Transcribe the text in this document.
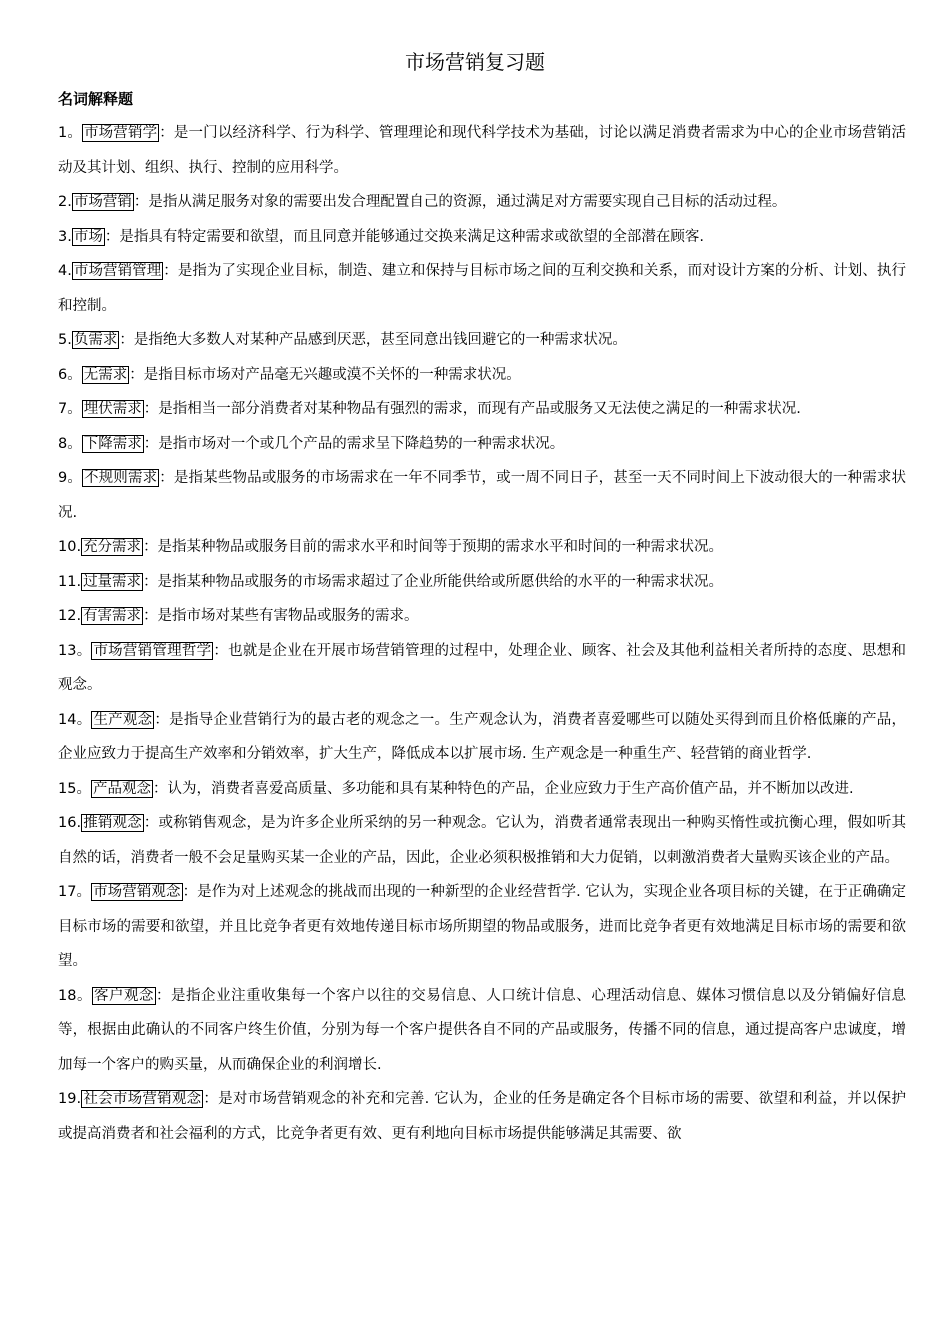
市场营销复习题
名词解释题

1。 市场营销学 ：是一门以经济科学、行为科学、管理理论和现代科学技术为基础，讨论以满足消费者需求为中心的企业市场营销活动及其计划、组织、执行、控制的应用科学。

2. 市场营销 ：是指从满足服务对象的需要出发合理配置自己的资源，通过满足对方需要实现自己目标的活动过程。

3. 市场 ：是指具有特定需要和欲望，而且同意并能够通过交换来满足这种需求或欲望的全部潜在顾客.

4. 市场营销管理 ：是指为了实现企业目标，制造、建立和保持与目标市场之间的互利交换和关系，而对设计方案的分析、计划、执行和控制。

5. 负需求 ：是指绝大多数人对某种产品感到厌恶，甚至同意出钱回避它的一种需求状况。

6。 无需求 ：是指目标市场对产品毫无兴趣或漠不关怀的一种需求状况。

7。 埋伏需求 ：是指相当一部分消费者对某种物品有强烈的需求，而现有产品或服务又无法使之满足的一种需求状况.

8。 下降需求 ：是指市场对一个或几个产品的需求呈下降趋势的一种需求状况。

9。 不规则需求 ：是指某些物品或服务的市场需求在一年不同季节，或一周不同日子，甚至一天不同时间上下波动很大的一种需求状况.

10. 充分需求 ：是指某种物品或服务目前的需求水平和时间等于预期的需求水平和时间的一种需求状况。

11. 过量需求 ：是指某种物品或服务的市场需求超过了企业所能供给或所愿供给的水平的一种需求状况。

12. 有害需求 ：是指市场对某些有害物品或服务的需求。

13。 市场营销管理哲学 ：也就是企业在开展市场营销管理的过程中，处理企业、顾客、社会及其他利益相关者所持的态度、思想和观念。

14。 生产观念 ：是指导企业营销行为的最古老的观念之一。生产观念认为，消费者喜爱哪些可以随处买得到而且价格低廉的产品，企业应致力于提高生产效率和分销效率，扩大生产，降低成本以扩展市场. 生产观念是一种重生产、轻营销的商业哲学.

15。 产品观念 ：认为，消费者喜爱高质量、多功能和具有某种特色的产品，企业应致力于生产高价值产品，并不断加以改进.

16. 推销观念 ：或称销售观念，是为许多企业所采纳的另一种观念。它认为，消费者通常表现出一种购买惰性或抗衡心理，假如听其自然的话，消费者一般不会足量购买某一企业的产品，因此，企业必须积极推销和大力促销，以刺激消费者大量购买该企业的产品。

17。 市场营销观念 ：是作为对上述观念的挑战而出现的一种新型的企业经营哲学. 它认为，实现企业各项目标的关键，在于正确确定目标市场的需要和欲望，并且比竞争者更有效地传递目标市场所期望的物品或服务，进而比竞争者更有效地满足目标市场的需要和欲望。

18。 客户观念 ：是指企业注重收集每一个客户以往的交易信息、人口统计信息、心理活动信息、媒体习惯信息以及分销偏好信息等，根据由此确认的不同客户终生价值，分别为每一个客户提供各自不同的产品或服务，传播不同的信息，通过提高客户忠诚度，增加每一个客户的购买量，从而确保企业的利润增长.

19. 社会市场营销观念 ：是对市场营销观念的补充和完善. 它认为，企业的任务是确定各个目标市场的需要、欲望和利益，并以保护或提高消费者和社会福利的方式，比竞争者更有效、更有利地向目标市场提供能够满足其需要、欲
